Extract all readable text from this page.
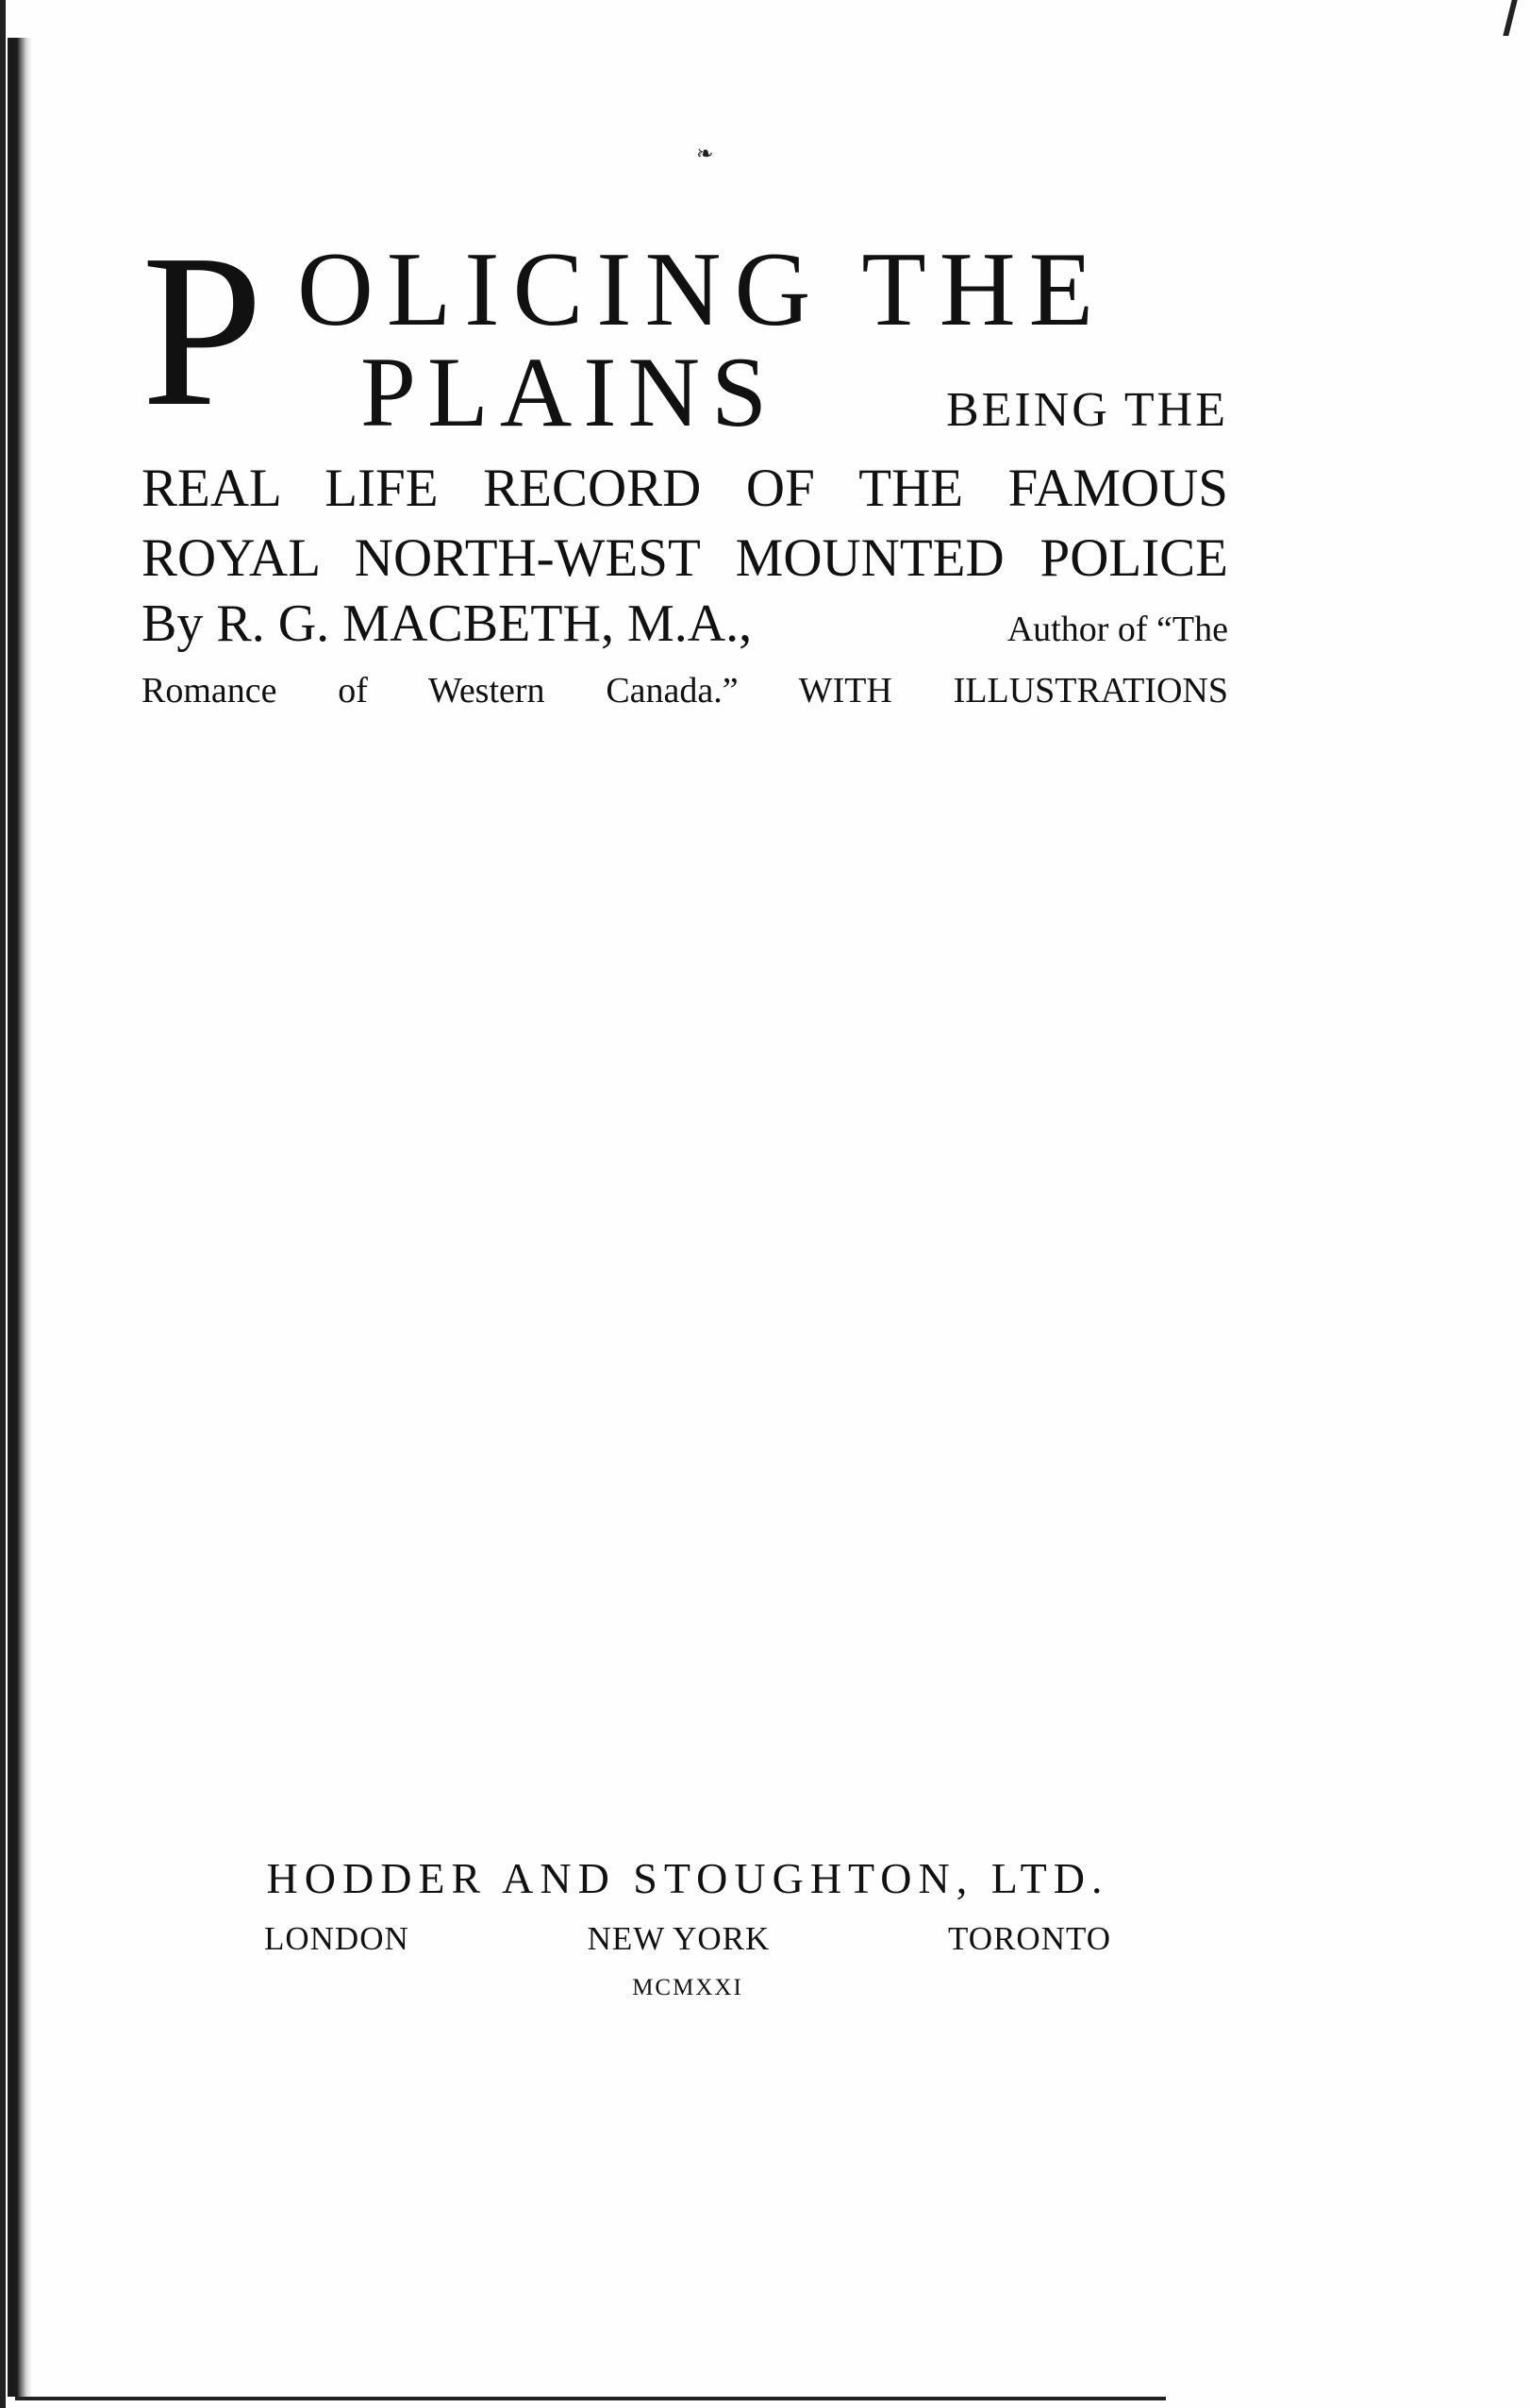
❧
P OLICING THE
PLAINS	BEING THE
REAL LIFE RECORD OF THE FAMOUS
ROYAL NORTH-WEST MOUNTED POLICE
By R. G. MACBETH, M.A.,	Author of “The
Romance of Western Canada.” WITH ILLUSTRATIONS
HODDER AND STOUGHTON, LTD.
LONDON	NEW YORK	TORONTO
MCMXXI
